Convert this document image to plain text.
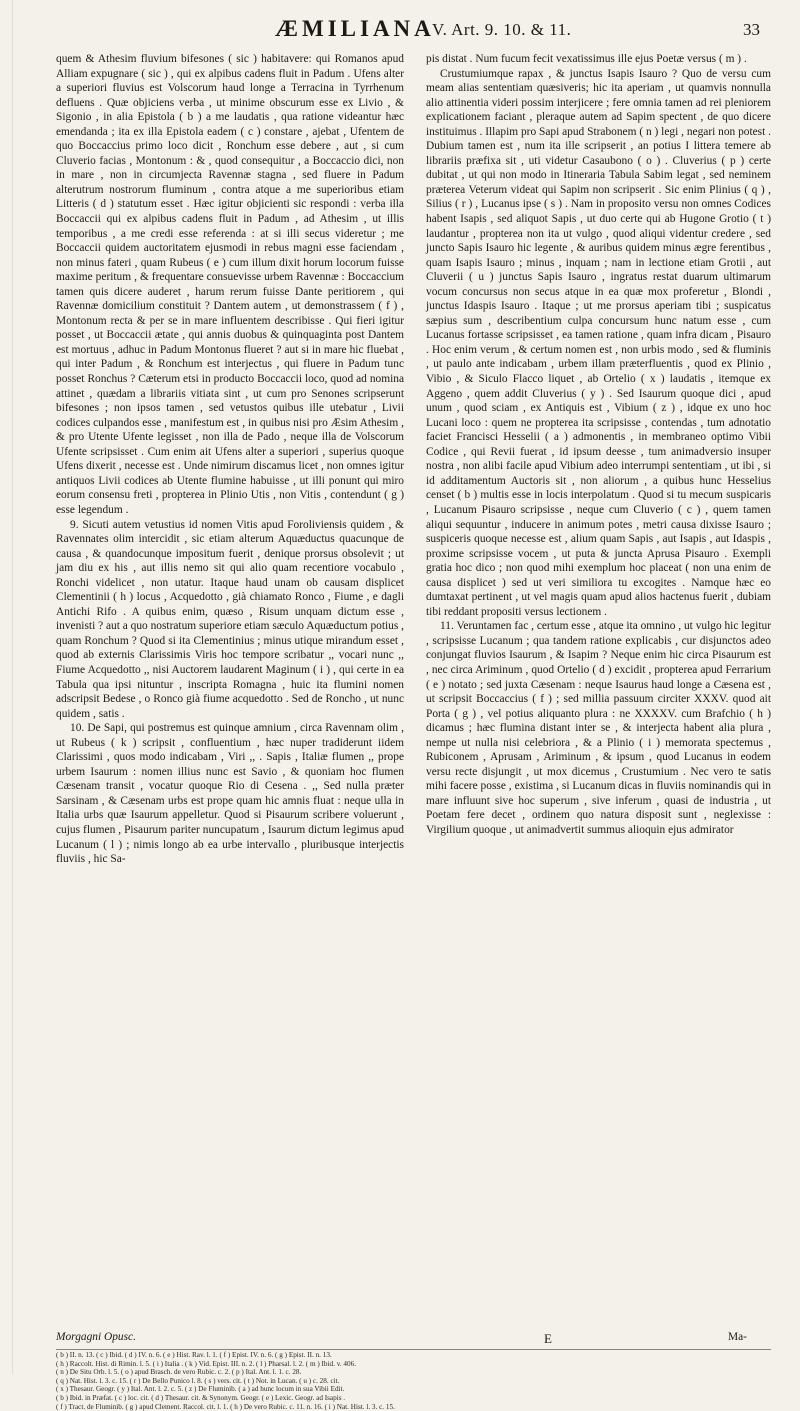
ÆMILIANA
V. Art. 9. 10. & 11.	33

quem & Athesim fluvium bifesones ( sic ) habitavere: qui Romanos apud Alliam expugnare ( sic ) , qui ex alpibus cadens fluit in Padum . Ufens alter a superiori fluvius est Volscorum haud longe a Terracina in Tyrrhenum defluens . Quæ objiciens verba , ut minime obscurum esse ex Livio , & Sigonio , in alia Epistola ( b ) a me laudatis , qua ratione videantur hæc emendanda ; ita ex illa Epistola eadem ( c ) constare , ajebat , Ufentem de quo Boccaccius primo loco dicit , Ronchum esse debere , aut , si cum Cluverio facias , Montonum : & , quod consequitur , a Boccaccio dici, non in mare , non in circumjecta Ravennæ stagna , sed fluere in Padum alterutrum nostrorum fluminum , contra atque a me superioribus etiam Litteris ( d ) statutum esset . Hæc igitur objicienti sic respondi : verba illa Boccaccii qui ex alpibus cadens fluit in Padum , ad Athesim , ut illis temporibus , a me credi esse referenda : at si illi secus videretur ; me Boccaccii quidem auctoritatem ejusmodi in rebus magni esse faciendam , non minus fateri , quam Rubeus ( e ) cum illum dixit horum locorum fuisse maxime peritum , & frequentare consuevisse urbem Ravennæ : Boccaccium tamen quis dicere auderet , harum rerum fuisse Dante peritiorem , qui Ravennæ domicilium constituit ? Dantem autem , ut demonstrassem ( f ) , Montonum recta & per se in mare influentem describisse . Qui fieri igitur posset , ut Boccaccii ætate , qui annis duobus & quinquaginta post Dantem est mortuus , adhuc in Padum Montonus flueret ? aut si in mare hic fluebat , qui inter Padum , & Ronchum est interjectus , qui fluere in Padum tunc posset Ronchus ? Cæterum etsi in producto Boccaccii loco, quod ad nomina attinet , quædam a librariis vitiata sint , ut cum pro Senones scripserunt bifesones ; non ipsos tamen , sed vetustos quibus ille utebatur , Livii codices culpandos esse , manifestum est , in quibus nisi pro Æsim Athesim , & pro Utente Ufente legisset , non illa de Pado , neque illa de Volscorum Ufente scripsisset . Cum enim ait Ufens alter a superiori , superius quoque Ufens dixerit , necesse est . Unde nimirum discamus licet , non omnes igitur antiquos Livii codices ab Utente flumine habuisse , ut illi ponunt qui miro eorum consensu freti , propterea in Plinio Utis , non Vitis , contendunt ( g ) esse legendum .

9. Sicuti autem vetustius id nomen Vitis apud Foroliviensis quidem , & Ravennates olim intercidit , sic etiam alterum Aquæductus quacunque de causa , & quandocunque impositum fuerit , denique prorsus obsolevit ; ut jam diu ex his , aut illis nemo sit qui alio quam recentiore vocabulo , Ronchi videlicet , non utatur. Itaque haud unam ob causam displicet Clementinii ( h ) locus , Acquedotto , già chiamato Ronco , Fiume , e dagli Antichi Rifo . A quibus enim, quæso , Risum unquam dictum esse , invenisti ? aut a quo nostratum superiore etiam sæculo Aquæductum potius , quam Ronchum ? Quod si ita Clementinius ; minus utique mirandum esset , quod ab externis Clarissimis Viris hoc tempore scribatur ,, vocari nunc ,, Fiume Acquedotto ,, nisi Auctorem laudarent Maginum ( i ) , qui certe in ea Tabula qua ipsi nituntur , inscripta Romagna , huic ita flumini nomen adscripsit Bedese , o Ronco già fiume acquedotto . Sed de Roncho , ut nunc quidem , satis .

10. De Sapi, qui postremus est quinque amnium , circa Ravennam olim , ut Rubeus ( k ) scripsit , confluentium , hæc nuper tradiderunt iidem Clarissimi , quos modo indicabam , Viri ,, . Sapis , Italiæ flumen ,, prope urbem Isaurum : nomen illius nunc est Savio , & quoniam hoc flumen Cæsenam transit , vocatur quoque Rio di Cesena . ,, Sed nulla præter Sarsinam , & Cæsenam urbs est prope quam hic amnis fluat : neque ulla in Italia urbs quæ Isaurum appelletur. Quod si Pisaurum scribere voluerunt , cujus flumen , Pisaurum pariter nuncupatum , Isaurum dictum legimus apud Lucanum ( l ) ; nimis longo ab ea urbe intervallo , pluribusque interjectis fluviis , hic Sa-

pis distat . Num fucum fecit vexatissimus ille ejus Poetæ versus ( m ) .

Crustumiumque rapax , & junctus Isapis Isauro ? Quo de versu cum meam alias sententiam quæsiveris; hic ita aperiam , ut quamvis nonnulla alio attinentia videri possim interjicere ; fere omnia tamen ad rei pleniorem explicationem faciant , pleraque autem ad Sapim spectent , de quo dicere instituimus . Illapim pro Sapi apud Strabonem ( n ) legi , negari non potest . Dubium tamen est , num ita ille scripserit , an potius I littera temere ab librariis præfixa sit , uti videtur Casaubono ( o ) . Cluverius ( p ) certe dubitat , ut qui non modo in Itineraria Tabula Sabim legat , sed neminem præterea Veterum videat qui Sapim non scripserit . Sic enim Plinius ( q ) , Silius ( r ) , Lucanus ipse ( s ) . Nam in proposito versu non omnes Codices habent Isapis , sed aliquot Sapis , ut duo certe qui ab Hugone Grotio ( t ) laudantur , propterea non ita ut vulgo , quod aliqui videntur credere , sed juncto Sapis Isauro hic legente , & auribus quidem minus ægre ferentibus , quam Isapis Isauro ; minus , inquam ; nam in lectione etiam Grotii , aut Cluverii ( u ) junctus Sapis Isauro , ingratus restat duarum ultimarum vocum concursus non secus atque in ea quæ mox proferetur , Blondi , junctus Idaspis Isauro . Itaque ; ut me prorsus aperiam tibi ; suspicatus sæpius sum , describentium culpa concursum hunc natum esse , cum Lucanus fortasse scripsisset , ea tamen ratione , quam infra dicam , Pisauro . Hoc enim verum , & certum nomen est , non urbis modo , sed & fluminis , ut paulo ante indicabam , urbem illam præterfluentis , quod ex Plinio , Vibio , & Siculo Flacco liquet , ab Ortelio ( x ) laudatis , itemque ex Aggeno , quem addit Cluverius ( y ) . Sed Isaurum quoque dici , apud unum , quod sciam , ex Antiquis est , Vibium ( z ) , idque ex uno hoc Lucani loco : quem ne propterea ita scripsisse , contendas , tum adnotatio faciet Francisci Hesselii ( a ) admonentis , in membraneo optimo Vibii Codice , qui Revii fuerat , id ipsum deesse , tum animadversio insuper nostra , non alibi facile apud Vibium adeo interrumpi sententiam , ut ibi , si id additamentum Auctoris sit , non aliorum , a quibus hunc Hesselius censet ( b ) multis esse in locis interpolatum . Quod si tu mecum suspicaris , Lucanum Pisauro scripsisse , neque cum Cluverio ( c ) , quem tamen aliqui sequuntur , inducere in animum potes , metri causa dixisse Isauro ; suspiceris quoque necesse est , alium quam Sapis , aut Isapis , aut Idaspis , proxime scripsisse vocem , ut puta & juncta Aprusa Pisauro . Exempli gratia hoc dico ; non quod mihi exemplum hoc placeat ( non una enim de causa displicet ) sed ut veri similiora tu excogites . Namque hæc eo dumtaxat pertinent , ut vel magis quam apud alios hactenus fuerit , dubiam tibi reddant propositi versus lectionem .

11. Veruntamen fac , certum esse , atque ita omnino , ut vulgo hic legitur , scripsisse Lucanum ; qua tandem ratione explicabis , cur disjunctos adeo conjungat fluvios Isaurum , & Isapim ? Neque enim hic circa Pisaurum est , nec circa Ariminum , quod Ortelio ( d ) excidit , propterea apud Ferrarium ( e ) notato ; sed juxta Cæsenam : neque Isaurus haud longe a Cæsena est , ut scripsit Boccaccius ( f ) ; sed millia passuum circiter XXXV. quod ait Porta ( g ) , vel potius aliquanto plura : ne XXXXV. cum Brafchio ( h ) dicamus ; hæc flumina distant inter se , & interjecta habent alia plura , nempe ut nulla nisi celebriora , & a Plinio ( i ) memorata spectemus , Rubiconem , Aprusam , Ariminum , & ipsum , quod Lucanus in eodem versu recte disjungit , ut mox dicemus , Crustumium . Nec vero te satis mihi facere posse , existima , si Lucanum dicas in fluviis nominandis qui in mare influunt sive hoc superum , sive inferum , quasi de industria , ut Poetam fere decet , ordinem quo natura disposit sunt , neglexisse : Virgilium quoque , ut animadvertit summus alioquin ejus admirator

Morgagni Opusc.	E	Ma-
( b ) II. n. 13. ( c ) Ibid. ( d ) IV. n. 6. ( e ) Hist. Rav. l. 1. ( f ) Epist. IV. n. 6. ( g ) Epist. II. n. 13.
( h ) Raccolt. Hist. di Rimin. l. 5. ( i ) Italia . ( k ) Vid. Epist. III. n. 2. ( l ) Pharsal. l. 2. ( m ) Ibid. v. 406.
( n ) De Situ Orb. l. 5. ( o ) apud Brasch. de vero Rubic. c. 2. ( p ) Ital. Ant. l. 1. c. 28.
( q ) Nat. Hist. l. 3. c. 15. ( r ) De Bello Punico l. 8. ( s ) vers. cit. ( t ) Not. in Lucan. ( u ) c. 28. cit.
( x ) Thesaur. Geogr. ( y ) Ital. Ant. l. 2. c. 5. ( z ) De Fluminib. ( a ) ad hunc locum in sua Vibii Edit.
( b ) Ibid. in Præfat. ( c ) loc. cit. ( d ) Thesaur. cit. & Synonym. Geogr. ( e ) Lexic. Geogr. ad Isapis .
( f ) Tract. de Fluminib. ( g ) apud Clement. Raccol. cit. l. 1. ( h ) De vero Rubic. c. 11. n. 16. ( i ) Nat. Hist. l. 3. c. 15.
